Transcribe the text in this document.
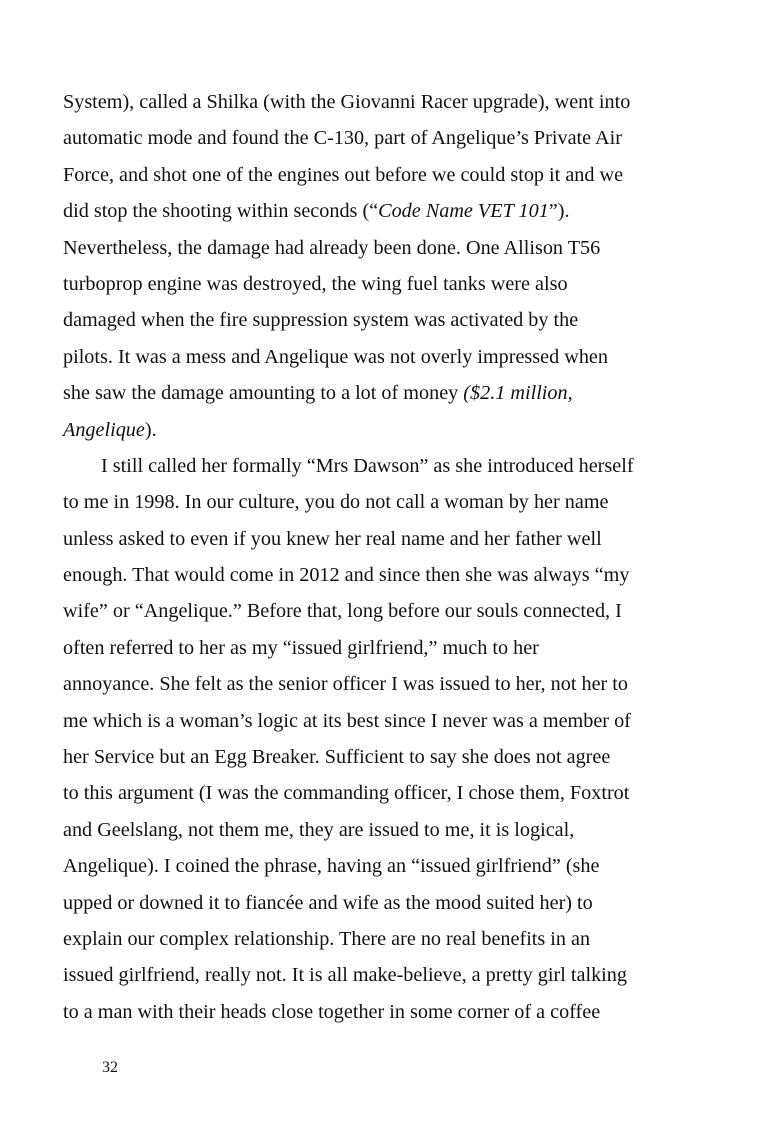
System), called a Shilka (with the Giovanni Racer upgrade), went into
automatic mode and found the C-130, part of Angelique’s Private Air
Force, and shot one of the engines out before we could stop it and we
did stop the shooting within seconds (“Code Name VET 101”).
Nevertheless, the damage had already been done. One Allison T56
turboprop engine was destroyed, the wing fuel tanks were also
damaged when the fire suppression system was activated by the
pilots. It was a mess and Angelique was not overly impressed when
she saw the damage amounting to a lot of money ($2.1 million,
Angelique).
I still called her formally “Mrs Dawson” as she introduced herself
to me in 1998. In our culture, you do not call a woman by her name
unless asked to even if you knew her real name and her father well
enough. That would come in 2012 and since then she was always “my
wife” or “Angelique.” Before that, long before our souls connected, I
often referred to her as my “issued girlfriend,” much to her
annoyance. She felt as the senior officer I was issued to her, not her to
me which is a woman’s logic at its best since I never was a member of
her Service but an Egg Breaker. Sufficient to say she does not agree
to this argument (I was the commanding officer, I chose them, Foxtrot
and Geelslang, not them me, they are issued to me, it is logical,
Angelique). I coined the phrase, having an “issued girlfriend” (she
upped or downed it to fiancée and wife as the mood suited her) to
explain our complex relationship. There are no real benefits in an
issued girlfriend, really not. It is all make-believe, a pretty girl talking
to a man with their heads close together in some corner of a coffee
32
